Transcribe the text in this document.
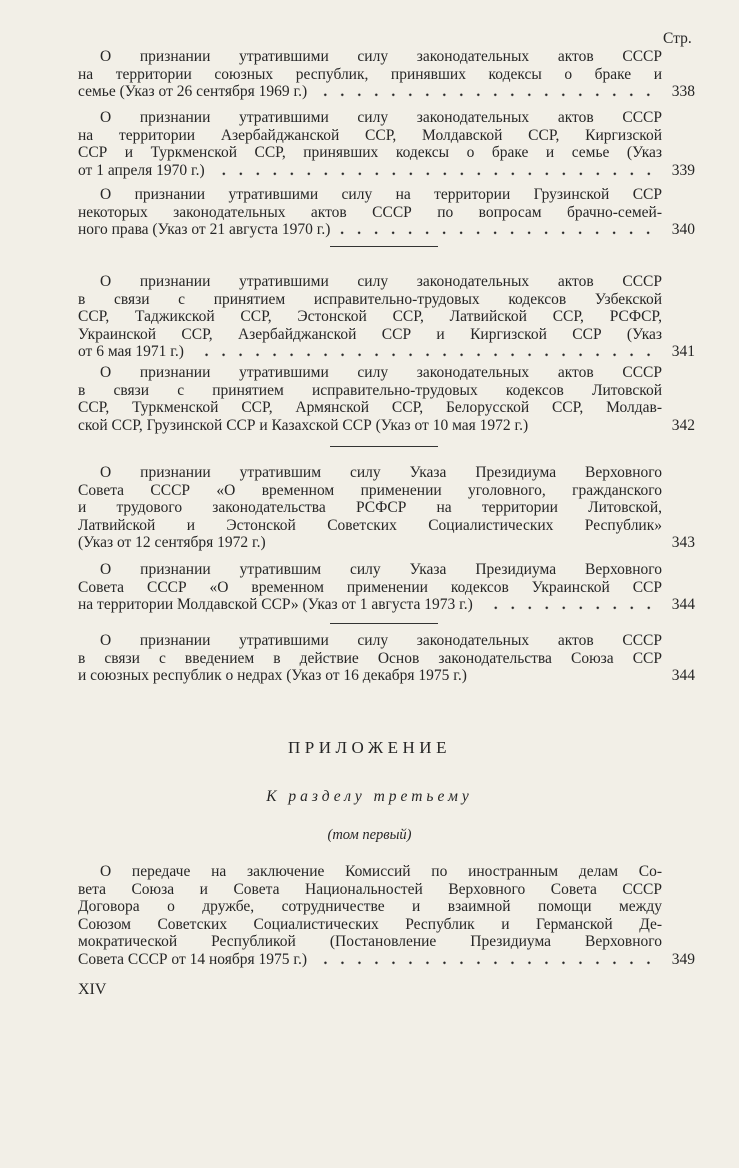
Стр.
О признании утратившими силу законодательных актов СССР
на территории союзных республик, принявших кодексы о браке и
семье (Указ от 26 сентября 1969 г.)	338
О признании утратившими силу законодательных актов СССР
на территории Азербайджанской ССР, Молдавской ССР, Киргизской
ССР и Туркменской ССР, принявших кодексы о браке и семье (Указ
от 1 апреля 1970 г.)	339
О признании утратившими силу на территории Грузинской ССР
некоторых законодательных актов СССР по вопросам брачно-семей-
ного права (Указ от 21 августа 1970 г.)	340
О признании утратившими силу законодательных актов СССР
в связи с принятием исправительно-трудовых кодексов Узбекской
ССР, Таджикской ССР, Эстонской ССР, Латвийской ССР, РСФСР,
Украинской ССР, Азербайджанской ССР и Киргизской ССР (Указ
от 6 мая 1971 г.)	341
О признании утратившими силу законодательных актов СССР
в связи с принятием исправительно-трудовых кодексов Литовской
ССР, Туркменской ССР, Армянской ССР, Белорусской ССР, Молдав-
ской ССР, Грузинской ССР и Казахской ССР (Указ от 10 мая 1972 г.)	342
О признании утратившим силу Указа Президиума Верховного
Совета СССР «О временном применении уголовного, гражданского
и трудового законодательства РСФСР на территории Литовской,
Латвийской и Эстонской Советских Социалистических Республик»
(Указ от 12 сентября 1972 г.)	343
О признании утратившим силу Указа Президиума Верховного
Совета СССР «О временном применении кодексов Украинской ССР
на территории Молдавской ССР» (Указ от 1 августа 1973 г.)	344
О признании утратившими силу законодательных актов СССР
в связи с введением в действие Основ законодательства Союза ССР
и союзных республик о недрах (Указ от 16 декабря 1975 г.)	344
О передаче на заключение Комиссий по иностранным делам Со-
вета Союза и Совета Национальностей Верховного Совета СССР
Договора о дружбе, сотрудничестве и взаимной помощи между
Союзом Советских Социалистических Республик и Германской Де-
мократической Республикой (Постановление Президиума Верховного
Совета СССР от 14 ноября 1975 г.)	349
ПРИЛОЖЕНИЕ
К разделу третьему
(том первый)
XIV
